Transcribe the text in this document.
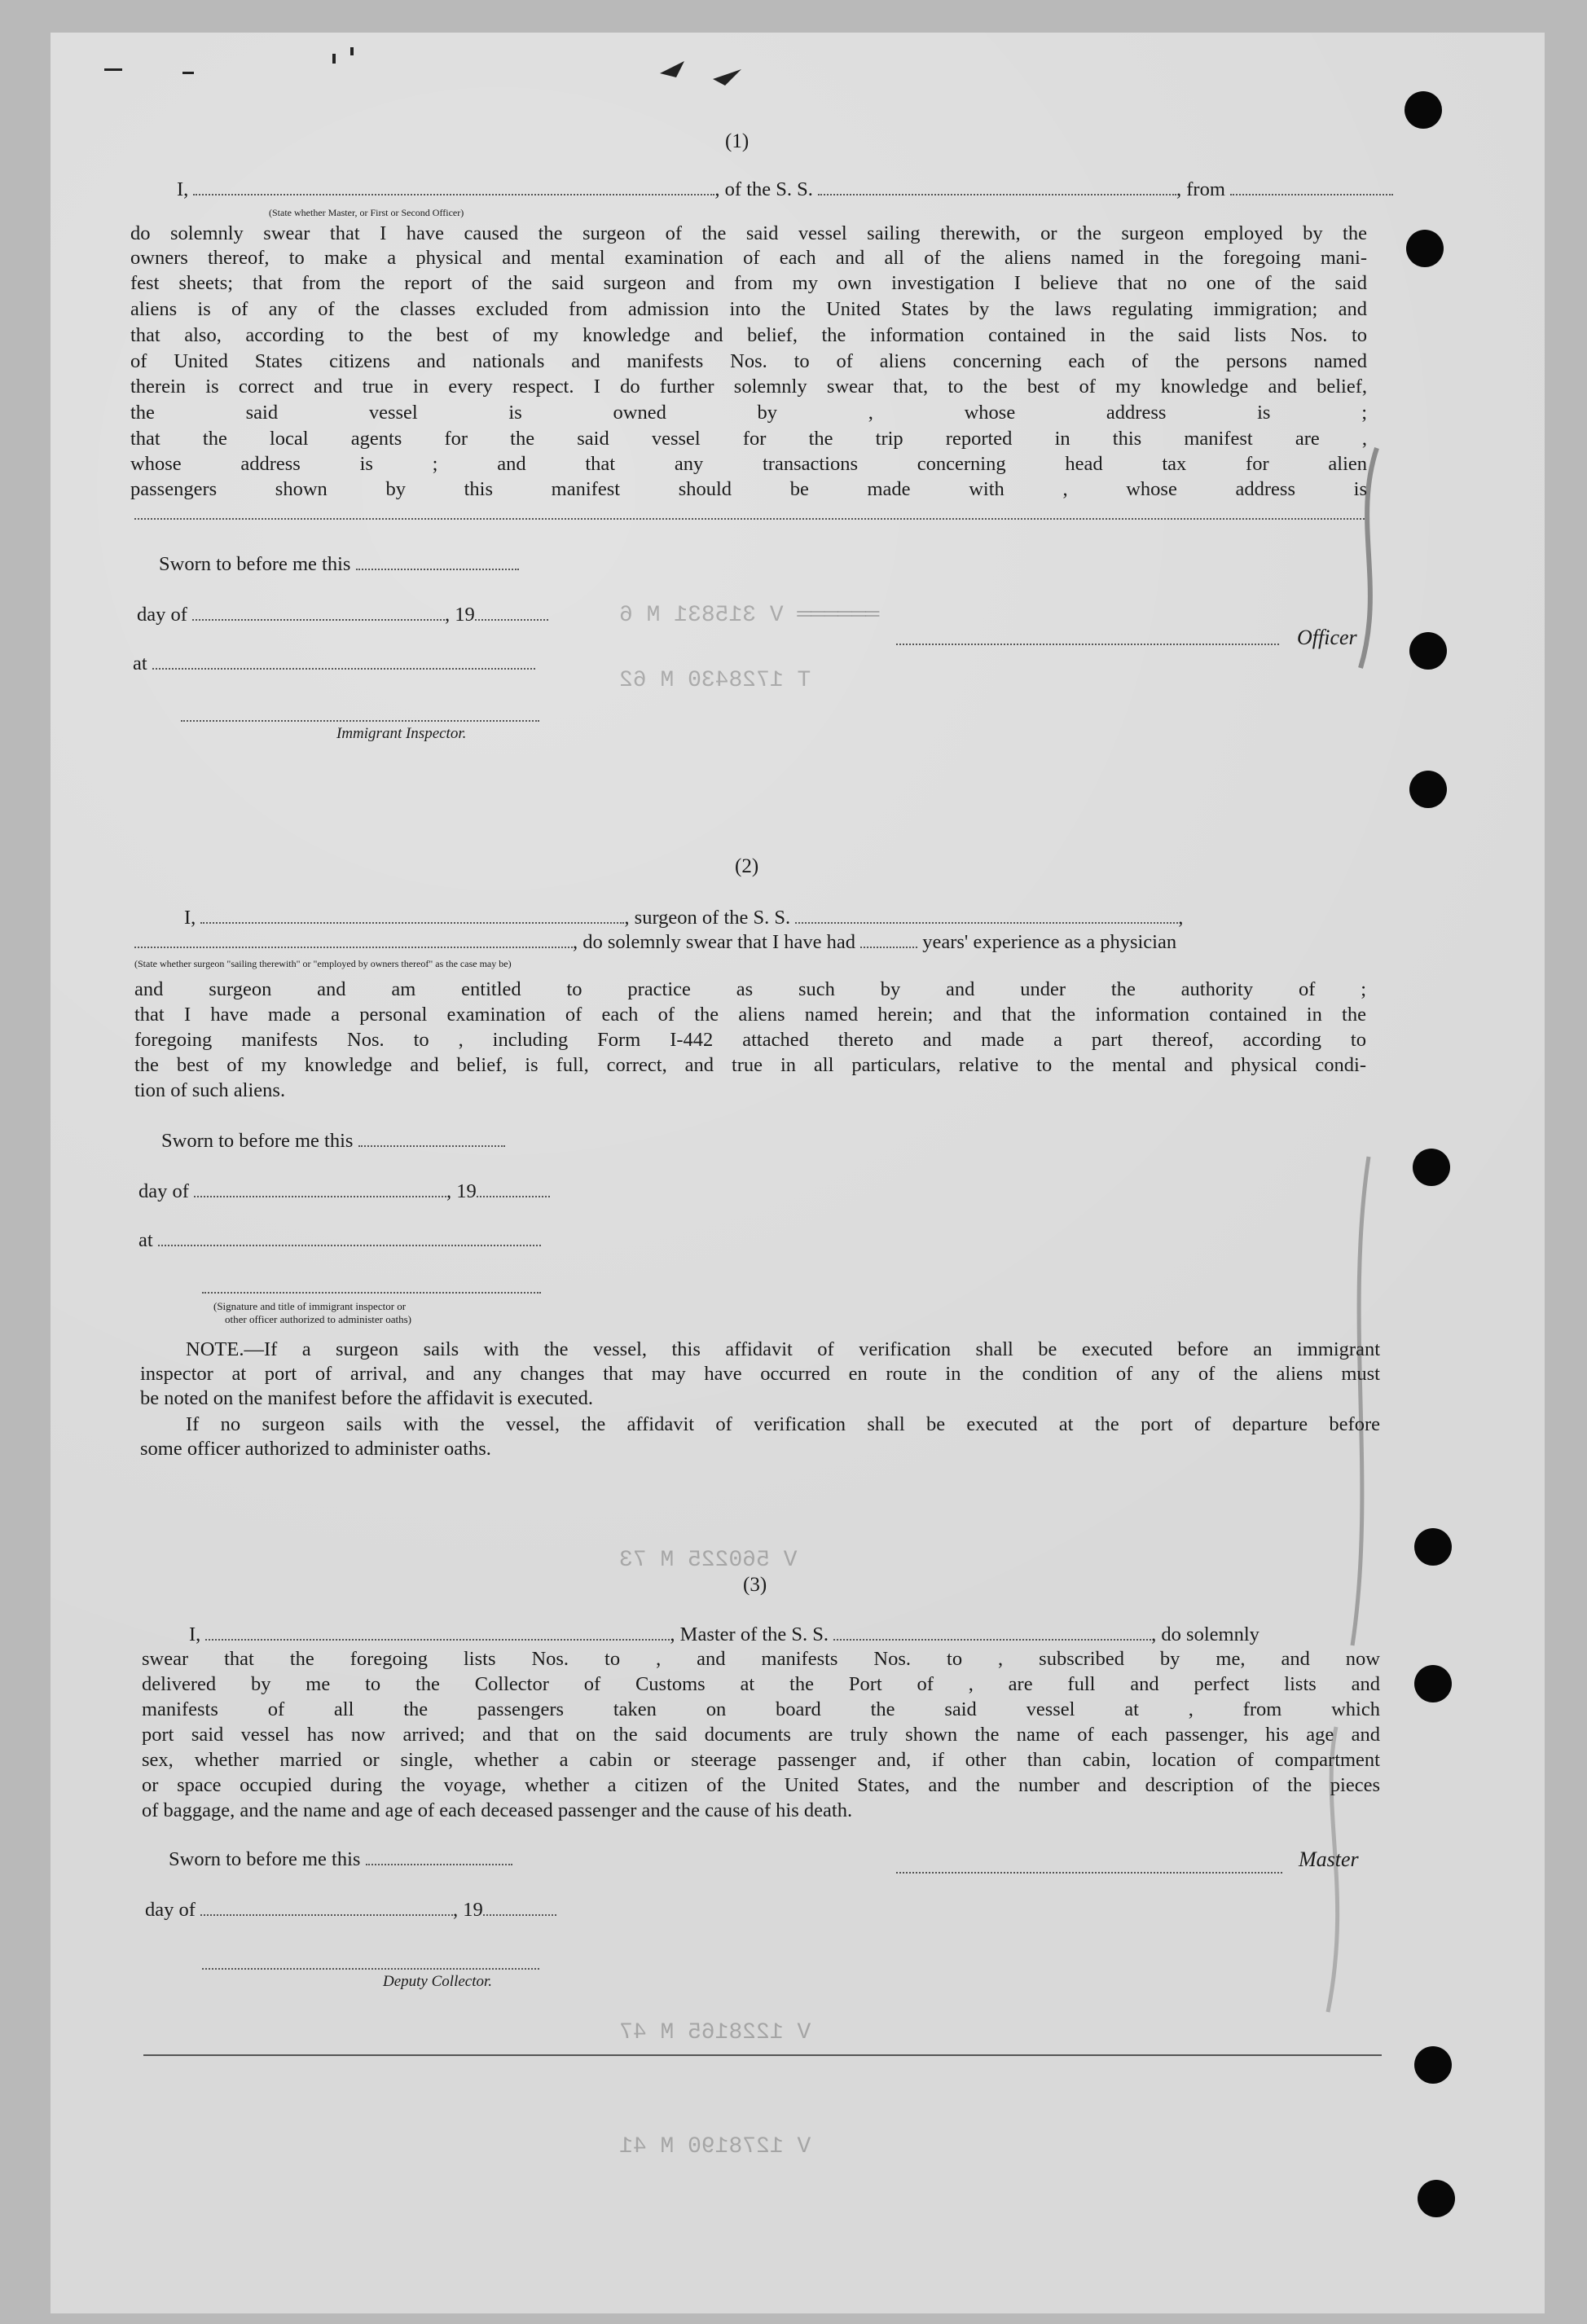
══════ V 315831 M 6
T 1728430 M 62
V 560225 M 73
V 1228165 M 47
V 1278190 M 41
(1)
I,	, of the S. S.	, from
(State whether Master, or First or Second Officer)
do solemnly swear that I have caused the surgeon of the said vessel sailing therewith, or the surgeon employed by the
owners thereof, to make a physical and mental examination of each and all of the aliens named in the foregoing mani-
fest sheets; that from the report of the said surgeon and from my own investigation I believe that no one of the said
aliens is of any of the classes excluded from admission into the United States by the laws regulating immigration; and
that also, according to the best of my knowledge and belief, the information contained in the said lists Nos. to
of United States citizens and nationals and manifests Nos. to of aliens concerning each of the persons named
therein is correct and true in every respect. I do further solemnly swear that, to the best of my knowledge and belief,
the said vessel is owned by , whose address is ;
that the local agents for the said vessel for the trip reported in this manifest are ,
whose address is ; and that any transactions concerning head tax for alien
passengers shown by this manifest should be made with , whose address is
Sworn to before me this
day of	, 19
at
Immigrant Inspector.
Officer
(2)
I,	, surgeon of the S. S.	,
, do solemnly swear that I have had	years' experience as a physician
(State whether surgeon "sailing therewith" or "employed by owners thereof" as the case may be)
and surgeon and am entitled to practice as such by and under the authority of ;
that I have made a personal examination of each of the aliens named herein; and that the information contained in the
foregoing manifests Nos. to , including Form I-442 attached thereto and made a part thereof, according to
the best of my knowledge and belief, is full, correct, and true in all particulars, relative to the mental and physical condi-
tion of such aliens.
Sworn to before me this
day of	, 19
at
(Signature and title of immigrant inspector or
other officer authorized to administer oaths)
NOTE.—If a surgeon sails with the vessel, this affidavit of verification shall be executed before an immigrant
inspector at port of arrival, and any changes that may have occurred en route in the condition of any of the aliens must
be noted on the manifest before the affidavit is executed.
If no surgeon sails with the vessel, the affidavit of verification shall be executed at the port of departure before
some officer authorized to administer oaths.
(3)
I,	, Master of the S. S.	, do solemnly
swear that the foregoing lists Nos. to , and manifests Nos. to , subscribed by me, and now
delivered by me to the Collector of Customs at the Port of , are full and perfect lists and
manifests of all the passengers taken on board the said vessel at , from which
port said vessel has now arrived; and that on the said documents are truly shown the name of each passenger, his age and
sex, whether married or single, whether a cabin or steerage passenger and, if other than cabin, location of compartment
or space occupied during the voyage, whether a citizen of the United States, and the number and description of the pieces
of baggage, and the name and age of each deceased passenger and the cause of his death.
Sworn to before me this
day of	, 19
Deputy Collector.
Master
